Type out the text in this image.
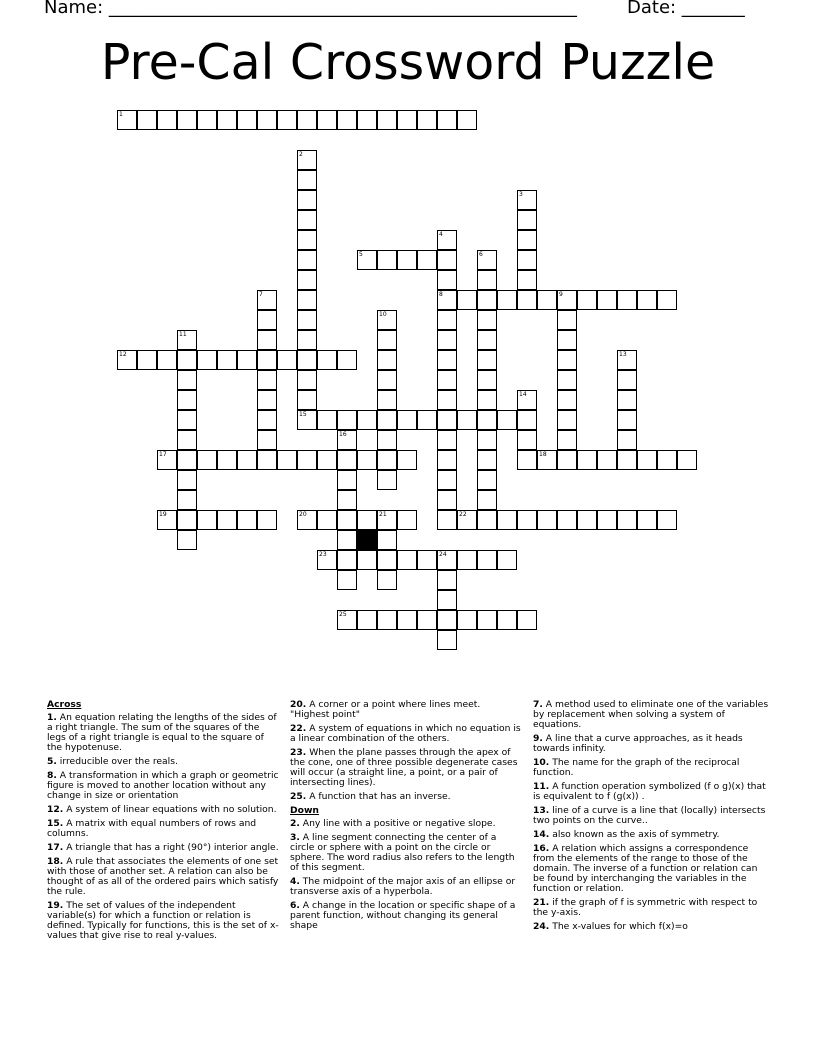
Name: ____________________________________________________	Date: _______
Pre-Cal Crossword Puzzle
1
2
15
3
4
8
5	6
7	9
10
11
12	13
14
16
17	18
19	20	21	22
23	24
25
Across
1. An equation relating the lengths of the sides of a right triangle. The sum of the squares of the legs of a right triangle is equal to the square of the hypotenuse.
5. irreducible over the reals.
8. A transformation in which a graph or geometric figure is moved to another location without any change in size or orientation
12. A system of linear equations with no solution.
15. A matrix with equal numbers of rows and columns.
17. A triangle that has a right (90°) interior angle.
18. A rule that associates the elements of one set with those of another set. A relation can also be thought of as all of the ordered pairs which satisfy the rule.
19. The set of values of the independent variable(s) for which a function or relation is defined. Typically for functions, this is the set of x-values that give rise to real y-values.
20. A corner or a point where lines meet. "Highest point"
22. A system of equations in which no equation is a linear combination of the others.
23. When the plane passes through the apex of the cone, one of three possible degenerate cases will occur (a straight line, a point, or a pair of intersecting lines).
25. A function that has an inverse.
Down
2. Any line with a positive or negative slope.
3. A line segment connecting the center of a circle or sphere with a point on the circle or sphere. The word radius also refers to the length of this segment.
4. The midpoint of the major axis of an ellipse or transverse axis of a hyperbola.
6. A change in the location or specific shape of a parent function, without changing its general shape
7. A method used to eliminate one of the variables by replacement when solving a system of equations.
9. A line that a curve approaches, as it heads towards infinity.
10. The name for the graph of the reciprocal function.
11. A function operation symbolized (f o g)(x) that is equivalent to f (g(x)) .
13. line of a curve is a line that (locally) intersects two points on the curve..
14. also known as the axis of symmetry.
16. A relation which assigns a correspondence from the elements of the range to those of the domain. The inverse of a function or relation can be found by interchanging the variables in the function or relation.
21. if the graph of f is symmetric with respect to the y-axis.
24. The x-values for which f(x)=o
